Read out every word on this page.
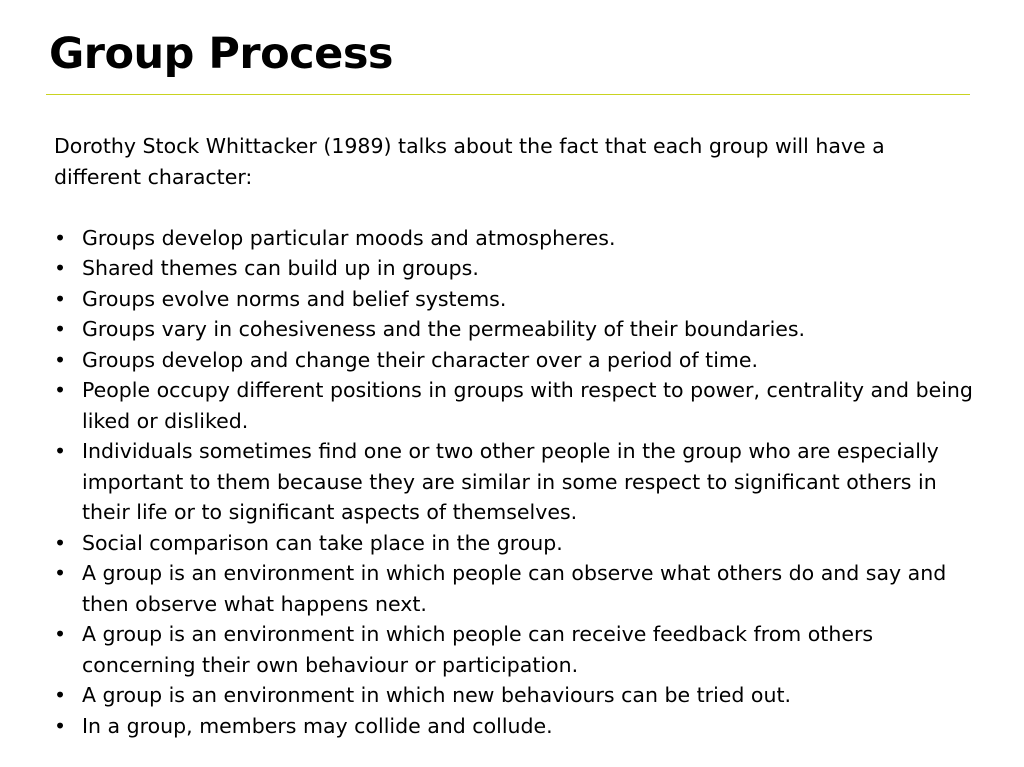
Group Process

Dorothy Stock Whittacker (1989) talks about the fact that each group will have a different character:

• Groups develop particular moods and atmospheres.
• Shared themes can build up in groups.
• Groups evolve norms and belief systems.
• Groups vary in cohesiveness and the permeability of their boundaries.
• Groups develop and change their character over a period of time.
• People occupy different positions in groups with respect to power, centrality and being liked or disliked.
• Individuals sometimes find one or two other people in the group who are especially important to them because they are similar in some respect to significant others in their life or to significant aspects of themselves.
• Social comparison can take place in the group.
• A group is an environment in which people can observe what others do and say and then observe what happens next.
• A group is an environment in which people can receive feedback from others concerning their own behaviour or participation.
• A group is an environment in which new behaviours can be tried out.
• In a group, members may collide and collude.
